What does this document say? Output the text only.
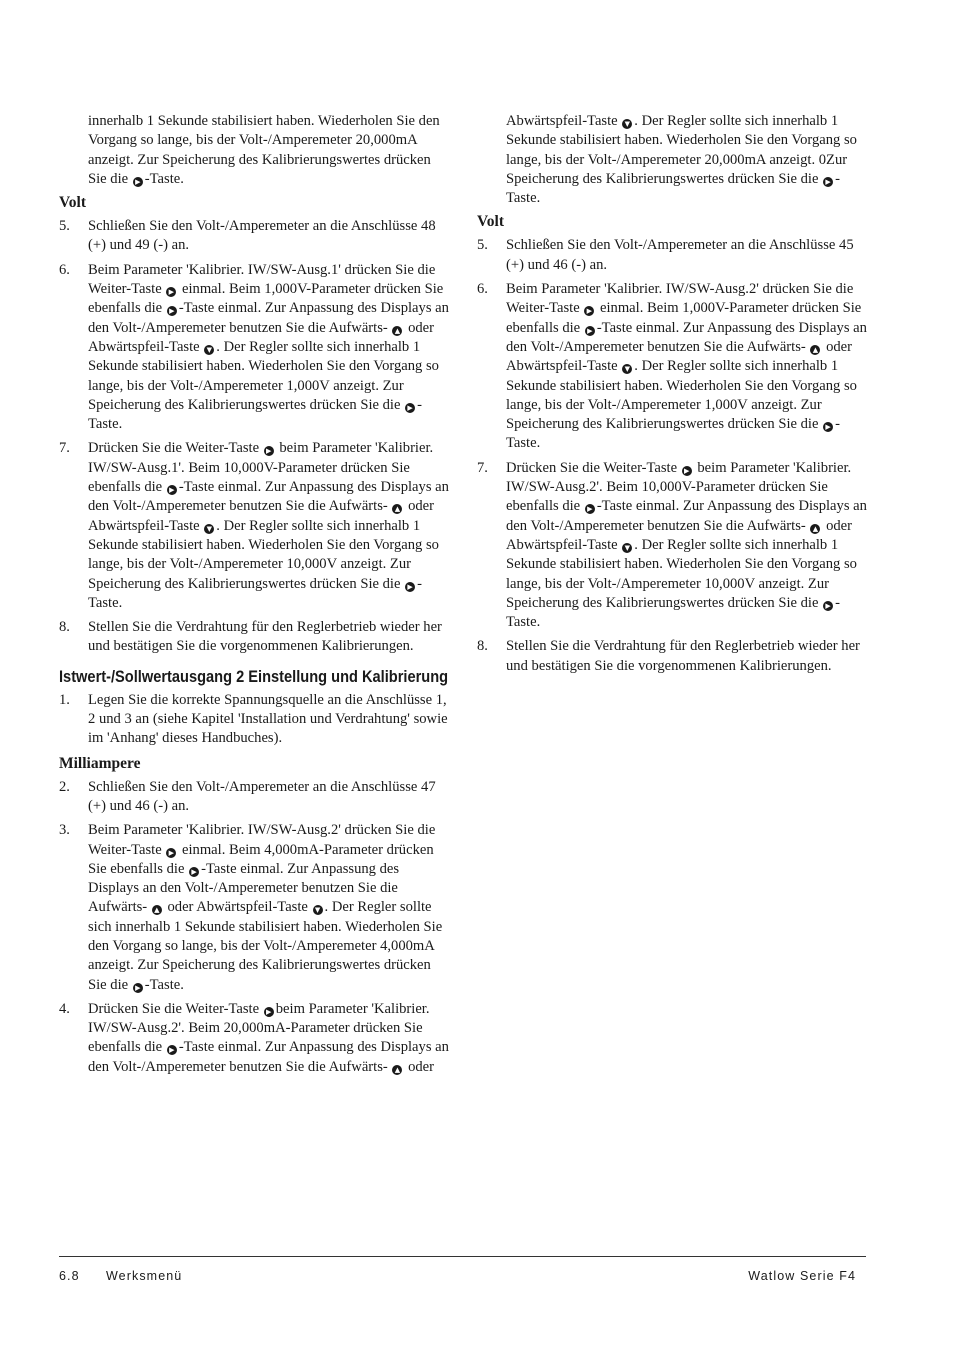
innerhalb 1 Sekunde stabilisiert haben. Wiederholen Sie den Vorgang so lange, bis der Volt-/Amperemeter 20,000mA anzeigt. Zur Speicherung des Kalibrierungswertes drücken Sie die ▶ -Taste.

Volt

5. Schließen Sie den Volt-/Amperemeter an die Anschlüsse 48 (+) und 49 (-) an.
6. Beim Parameter 'Kalibrier. IW/SW-Ausg.1' drücken Sie die Weiter-Taste ▶ einmal. Beim 1,000V-Parameter drücken Sie ebenfalls die ▶ -Taste einmal. Zur Anpassung des Displays an den Volt-/Amperemeter benutzen Sie die Aufwärts- ▲ oder Abwärtspfeil-Taste ▼ . Der Regler sollte sich innerhalb 1 Sekunde stabilisiert haben. Wiederholen Sie den Vorgang so lange, bis der Volt-/Amperemeter 1,000V anzeigt. Zur Speicherung des Kalibrierungswertes drücken Sie die ▶ -Taste.
7. Drücken Sie die Weiter-Taste ▶ beim Parameter 'Kalibrier. IW/SW-Ausg.1'. Beim 10,000V-Parameter drücken Sie ebenfalls die ▶ -Taste einmal. Zur Anpassung des Displays an den Volt-/Amperemeter benutzen Sie die Aufwärts- ▲ oder Abwärtspfeil-Taste ▼ . Der Regler sollte sich innerhalb 1 Sekunde stabilisiert haben. Wiederholen Sie den Vorgang so lange, bis der Volt-/Amperemeter 10,000V anzeigt. Zur Speicherung des Kalibrierungswertes drücken Sie die ▶ -Taste.
8. Stellen Sie die Verdrahtung für den Reglerbetrieb wieder her und bestätigen Sie die vorgenommenen Kalibrierungen.
Istwert-/Sollwertausgang 2 Einstellung und Kalibrierung
1. Legen Sie die korrekte Spannungsquelle an die Anschlüsse 1, 2 und 3 an (siehe Kapitel 'Installation und Verdrahtung' sowie im 'Anhang' dieses Handbuches).

Milliampere

2. Schließen Sie den Volt-/Amperemeter an die Anschlüsse 47 (+) und 46 (-) an.
3. Beim Parameter 'Kalibrier. IW/SW-Ausg.2' drücken Sie die Weiter-Taste ▶ einmal. Beim 4,000mA-Parameter drücken Sie ebenfalls die ▶ -Taste einmal. Zur Anpassung des Displays an den Volt-/Amperemeter benutzen Sie die Aufwärts- ▲ oder Abwärtspfeil-Taste ▼ . Der Regler sollte sich innerhalb 1 Sekunde stabilisiert haben. Wiederholen Sie den Vorgang so lange, bis der Volt-/Amperemeter 4,000mA anzeigt. Zur Speicherung des Kalibrierungswertes drücken Sie die ▶ -Taste.
4. Drücken Sie die Weiter-Taste ▶ beim Parameter 'Kalibrier. IW/SW-Ausg.2'. Beim 20,000mA-Parameter drücken Sie ebenfalls die ▶ -Taste einmal. Zur Anpassung des Displays an den Volt-/Amperemeter benutzen Sie die Aufwärts- ▲ oder

Abwärtspfeil-Taste ▼ . Der Regler sollte sich innerhalb 1 Sekunde stabilisiert haben. Wiederholen Sie den Vorgang so lange, bis der Volt-/Amperemeter 20,000mA anzeigt. 0Zur Speicherung des Kalibrierungswertes drücken Sie die ▶ -Taste.

Volt

5. Schließen Sie den Volt-/Amperemeter an die Anschlüsse 45 (+) und 46 (-) an.
6. Beim Parameter 'Kalibrier. IW/SW-Ausg.2' drücken Sie die Weiter-Taste ▶ einmal. Beim 1,000V-Parameter drücken Sie ebenfalls die ▶ -Taste einmal. Zur Anpassung des Displays an den Volt-/Amperemeter benutzen Sie die Aufwärts- ▲ oder Abwärtspfeil-Taste ▼ . Der Regler sollte sich innerhalb 1 Sekunde stabilisiert haben. Wiederholen Sie den Vorgang so lange, bis der Volt-/Amperemeter 1,000V anzeigt. Zur Speicherung des Kalibrierungswertes drücken Sie die ▶ -Taste.
7. Drücken Sie die Weiter-Taste ▶ beim Parameter 'Kalibrier. IW/SW-Ausg.2'. Beim 10,000V-Parameter drücken Sie ebenfalls die ▶ -Taste einmal. Zur Anpassung des Displays an den Volt-/Amperemeter benutzen Sie die Aufwärts- ▲ oder Abwärtspfeil-Taste ▼ . Der Regler sollte sich innerhalb 1 Sekunde stabilisiert haben. Wiederholen Sie den Vorgang so lange, bis der Volt-/Amperemeter 10,000V anzeigt. Zur Speicherung des Kalibrierungswertes drücken Sie die ▶ -Taste.
8. Stellen Sie die Verdrahtung für den Reglerbetrieb wieder her und bestätigen Sie die vorgenommenen Kalibrierungen.
6.8 Werksmenü	Watlow Serie F4
